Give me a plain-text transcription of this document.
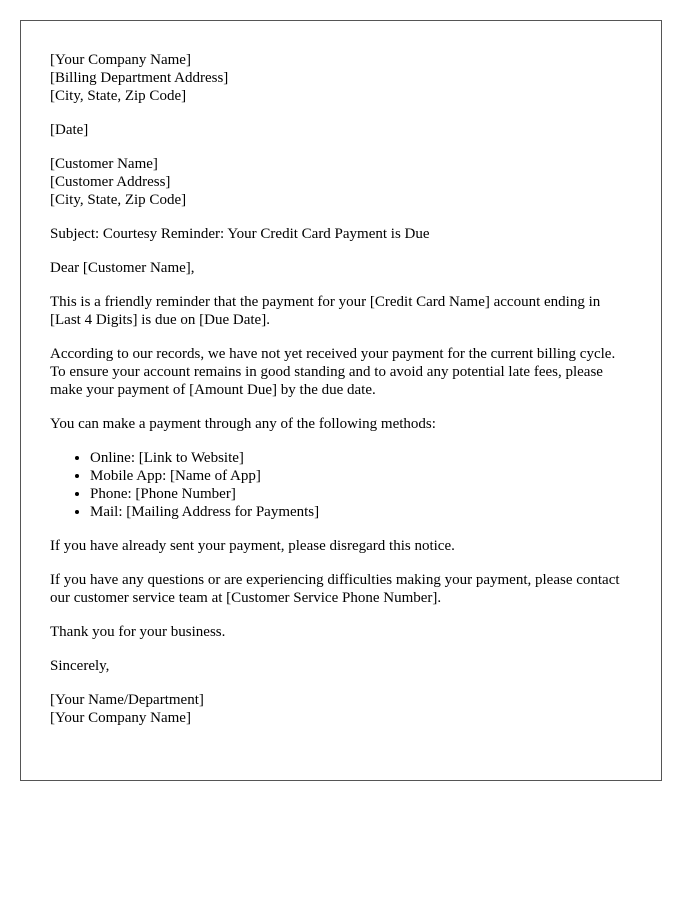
[Your Company Name]
[Billing Department Address]
[City, State, Zip Code]

[Date]

[Customer Name]
[Customer Address]
[City, State, Zip Code]

Subject: Courtesy Reminder: Your Credit Card Payment is Due

Dear [Customer Name],

This is a friendly reminder that the payment for your [Credit Card Name] account ending in [Last 4 Digits] is due on [Due Date].

According to our records, we have not yet received your payment for the current billing cycle. To ensure your account remains in good standing and to avoid any potential late fees, please make your payment of [Amount Due] by the due date.

You can make a payment through any of the following methods:

• Online: [Link to Website]
• Mobile App: [Name of App]
• Phone: [Phone Number]
• Mail: [Mailing Address for Payments]

If you have already sent your payment, please disregard this notice.

If you have any questions or are experiencing difficulties making your payment, please contact our customer service team at [Customer Service Phone Number].

Thank you for your business.

Sincerely,

[Your Name/Department]
[Your Company Name]
